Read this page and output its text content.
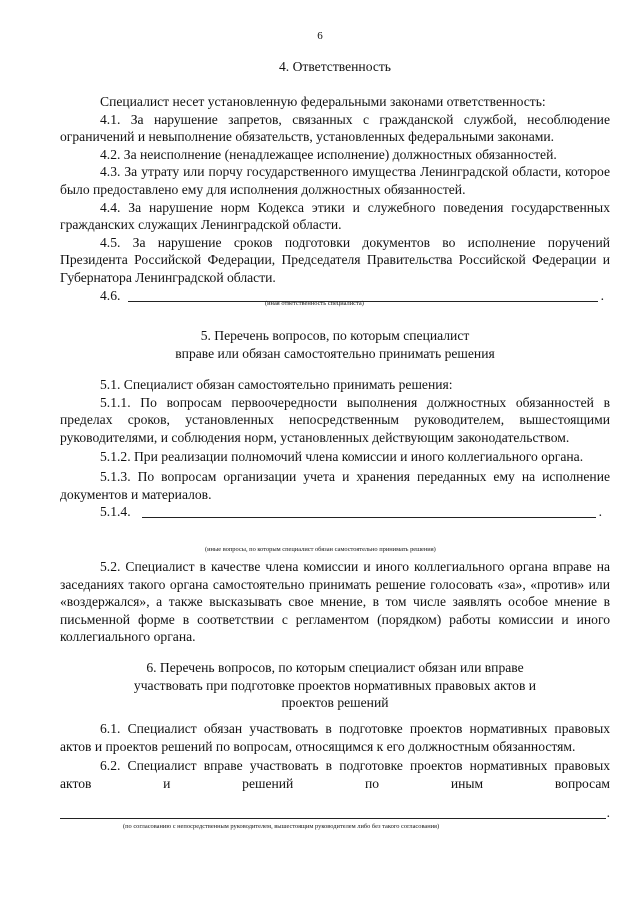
6
4. Ответственность

Специалист несет установленную федеральными законами ответственность:

4.1. За нарушение запретов, связанных с гражданской службой, несоблюдение ограничений и невыполнение обязательств, установленных федеральными законами.

4.2. За неисполнение (ненадлежащее исполнение) должностных обязанностей.

4.3. За утрату или порчу государственного имущества Ленинградской области, которое было предоставлено ему для исполнения должностных обязанностей.

4.4. За нарушение норм Кодекса этики и служебного поведения государственных гражданских служащих Ленинградской области.

4.5. За нарушение сроков подготовки документов во исполнение поручений Президента Российской Федерации, Председателя Правительства Российской Федерации и Губернатора Ленинградской области.

4.6.	.
(иная ответственность специалиста)
5. Перечень вопросов, по которым специалист
вправе или обязан самостоятельно принимать решения

5.1. Специалист обязан самостоятельно принимать решения:

5.1.1. По вопросам первоочередности выполнения должностных обязанностей в пределах сроков, установленных непосредственным руководителем, вышестоящими руководителями, и соблюдения норм, установленных действующим законодательством.

5.1.2. При реализации полномочий члена комиссии и иного коллегиального органа.

5.1.3. По вопросам организации учета и хранения переданных ему на исполнение документов и материалов.

5.1.4.	.
(иные вопросы, по которым специалист обязан самостоятельно принимать решения)

5.2. Специалист в качестве члена комиссии и иного коллегиального органа вправе на заседаниях такого органа самостоятельно принимать решение голосовать «за», «против» или «воздержался», а также высказывать свое мнение, в том числе заявлять особое мнение в письменной форме в соответствии с регламентом (порядком) работы комиссии и иного коллегиального органа.

6. Перечень вопросов, по которым специалист обязан или вправе
участвовать при подготовке проектов нормативных правовых актов и
проектов решений

6.1. Специалист обязан участвовать в подготовке проектов нормативных правовых актов и проектов решений по вопросам, относящимся к его должностным обязанностям.

6.2. Специалист вправе участвовать в подготовке проектов нормативных правовых актов и решений по иным вопросам

.
(по согласованию с непосредственным руководителем, вышестоящим руководителем либо без такого согласования)
